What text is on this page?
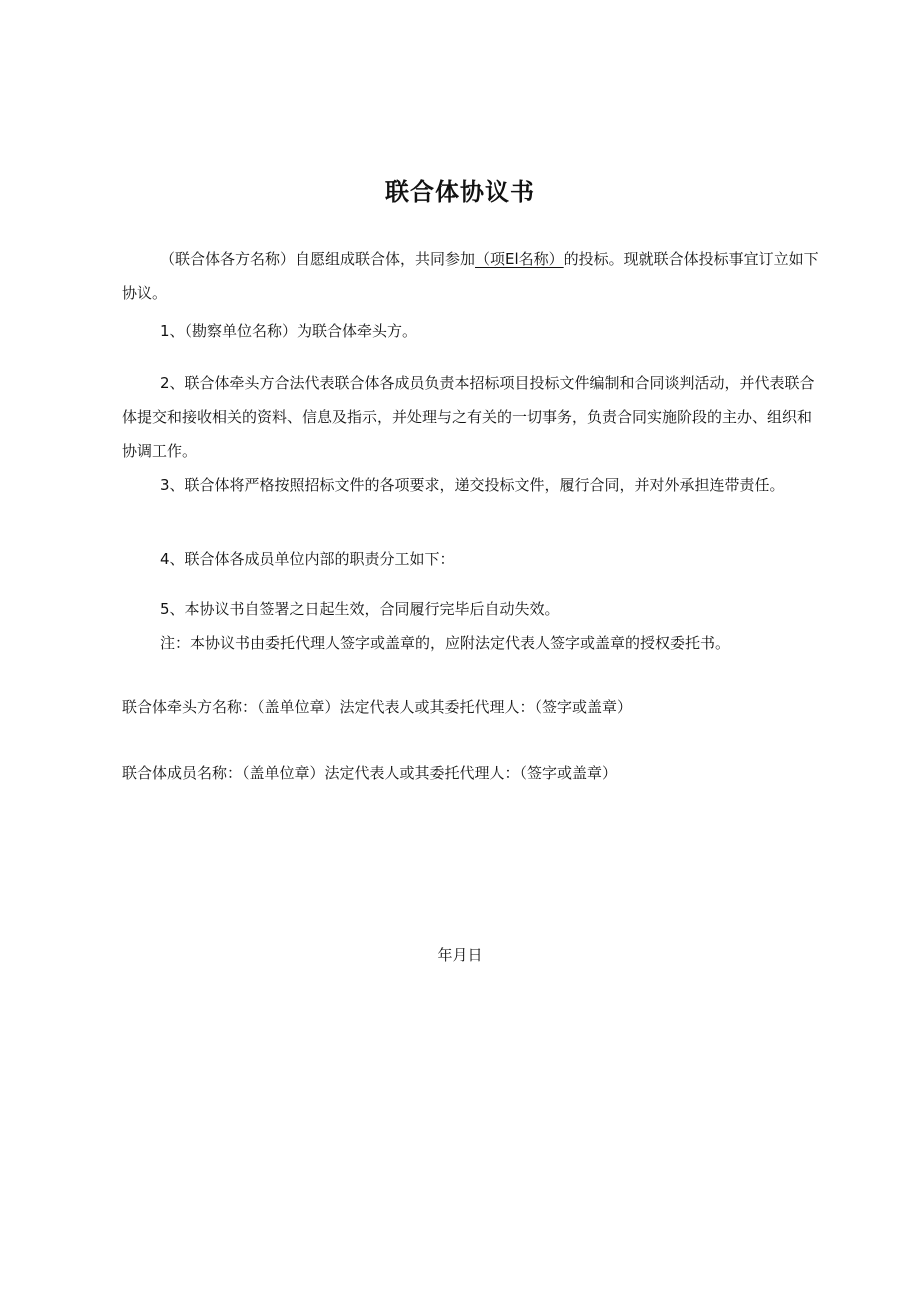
联合体协议书
（联合体各方名称）自愿组成联合体，共同参加（项El名称）的投标。现就联合体投标事宜订立如下协议。
1、（勘察单位名称）为联合体牵头方。
2、联合体牵头方合法代表联合体各成员负责本招标项目投标文件编制和合同谈判活动，并代表联合体提交和接收相关的资料、信息及指示，并处理与之有关的一切事务，负责合同实施阶段的主办、组织和协调工作。
3、联合体将严格按照招标文件的各项要求，递交投标文件，履行合同，并对外承担连带责任。
4、联合体各成员单位内部的职责分工如下：
5、本协议书自签署之日起生效，合同履行完毕后自动失效。
注：本协议书由委托代理人签字或盖章的，应附法定代表人签字或盖章的授权委托书。
联合体牵头方名称：（盖单位章）法定代表人或其委托代理人：（签字或盖章）
联合体成员名称：（盖单位章）法定代表人或其委托代理人：（签字或盖章）
年月日
